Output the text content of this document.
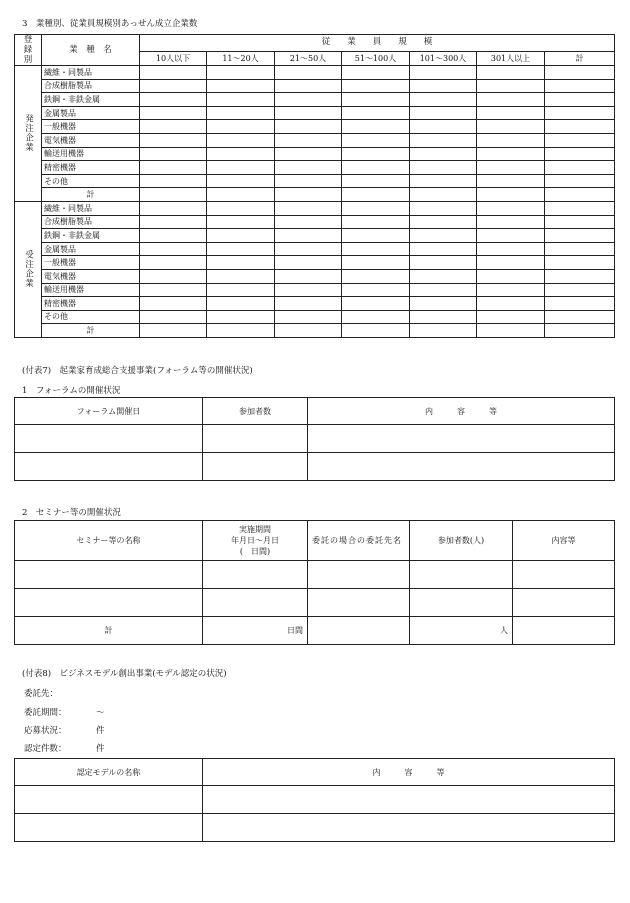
3　業種別、従業員規模別あっせん成立企業数
登録別	業　種　名	従　　業　　員　　規　　模						
		10人以下	11〜20人	21〜50人	51〜100人	101〜300人	301人以上	計
発注企業	繊維・同製品							
	合成樹脂製品							
	鉄鋼・非鉄金属							
	金属製品							
	一般機器							
	電気機器							
	輸送用機器							
	精密機器							
	その他							
	計							
受注企業	繊維・同製品							
	合成樹脂製品							
	鉄鋼・非鉄金属							
	金属製品							
	一般機器							
	電気機器							
	輸送用機器							
	精密機器							
	その他							
	計							
(付表7)　起業家育成総合支援事業(フォーラム等の開催状況)
1　フォーラムの開催状況
フォーラム開催日	参加者数	内　　　容　　　等

2　セミナー等の開催状況
セミナー等の名称	実施期間
年月日〜月日
(　日間)	委託の場合の委託先名	参加者数(人)	内容等

計	日間		人	
(付表8)　ビジネスモデル創出事業(モデル認定の状況)
委託先：
委託期間：	〜
応募状況：	件
認定件数：	件
認定モデルの名称	内　　　容　　　等
